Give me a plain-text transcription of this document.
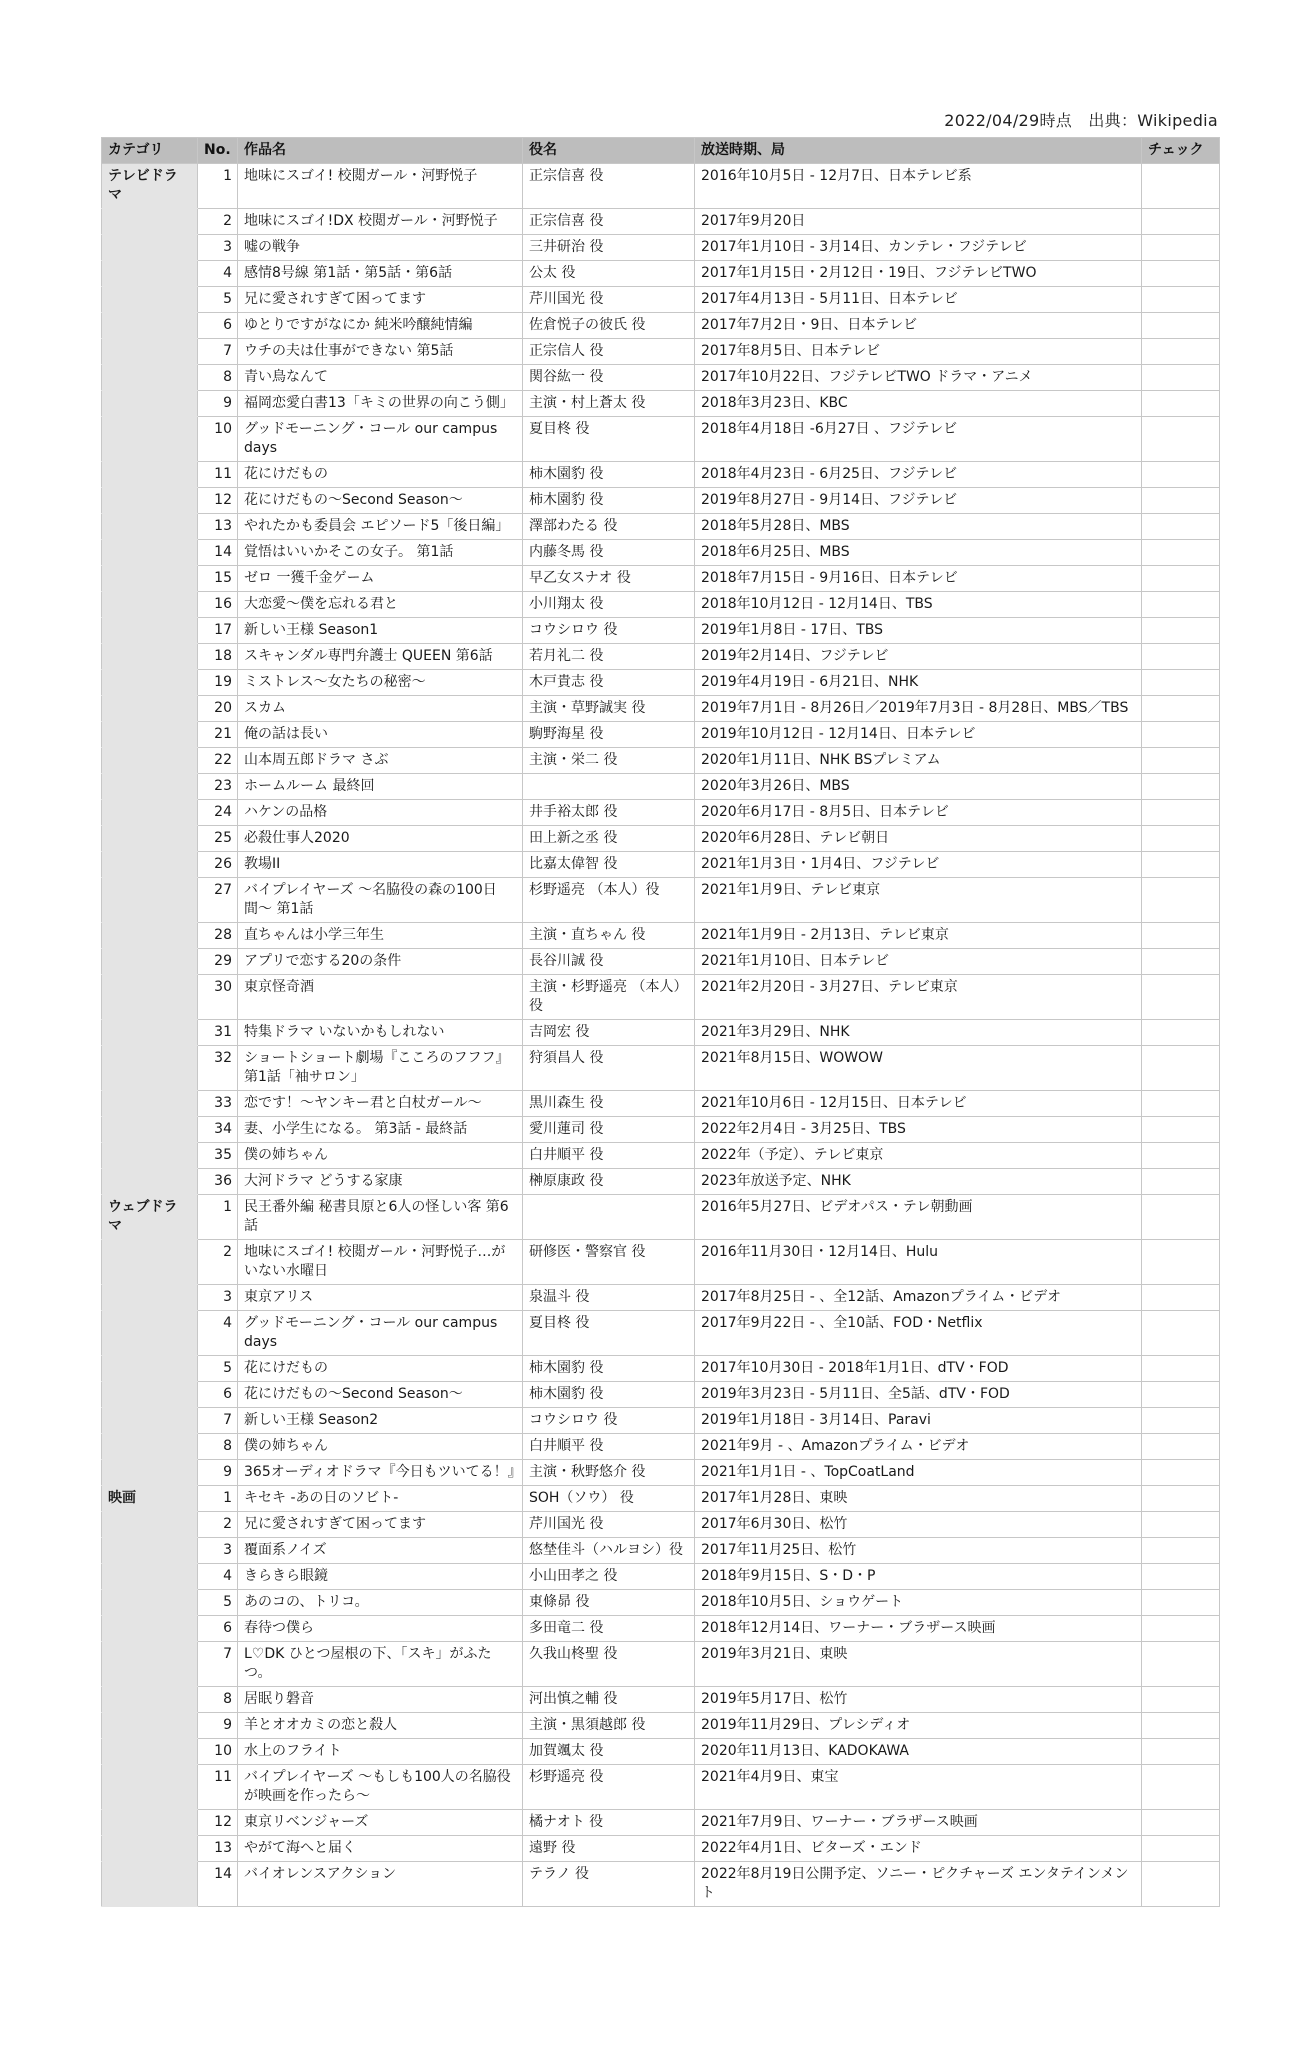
2022/04/29時点　出典：Wikipedia
カテゴリ	No.	作品名	役名	放送時期、局	チェック
テレビドラマ	1	地味にスゴイ! 校閲ガール・河野悦子	正宗信喜 役	2016年10月5日 - 12月7日、日本テレビ系	
	2	地味にスゴイ!DX 校閲ガール・河野悦子	正宗信喜 役	2017年9月20日	
	3	嘘の戦争	三井研治 役	2017年1月10日 - 3月14日、カンテレ・フジテレビ	
	4	感情8号線 第1話・第5話・第6話	公太 役	2017年1月15日・2月12日・19日、フジテレビTWO	
	5	兄に愛されすぎて困ってます	芹川国光 役	2017年4月13日 - 5月11日、日本テレビ	
	6	ゆとりですがなにか 純米吟醸純情編	佐倉悦子の彼氏 役	2017年7月2日・9日、日本テレビ	
	7	ウチの夫は仕事ができない 第5話	正宗信人 役	2017年8月5日、日本テレビ	
	8	青い鳥なんて	関谷紘一 役	2017年10月22日、フジテレビTWO ドラマ・アニメ	
	9	福岡恋愛白書13「キミの世界の向こう側」	主演・村上蒼太 役	2018年3月23日、KBC	
	10	グッドモーニング・コール our campus days	夏目柊 役	2018年4月18日 -6月27日 、フジテレビ	
	11	花にけだもの	柿木園豹 役	2018年4月23日 - 6月25日、フジテレビ	
	12	花にけだもの〜Second Season〜	柿木園豹 役	2019年8月27日 - 9月14日、フジテレビ	
	13	やれたかも委員会 エピソード5「後日編」	澤部わたる 役	2018年5月28日、MBS	
	14	覚悟はいいかそこの女子。 第1話	内藤冬馬 役	2018年6月25日、MBS	
	15	ゼロ 一獲千金ゲーム	早乙女スナオ 役	2018年7月15日 - 9月16日、日本テレビ	
	16	大恋愛〜僕を忘れる君と	小川翔太 役	2018年10月12日 - 12月14日、TBS	
	17	新しい王様 Season1	コウシロウ 役	2019年1月8日 - 17日、TBS	
	18	スキャンダル専門弁護士 QUEEN 第6話	若月礼二 役	2019年2月14日、フジテレビ	
	19	ミストレス〜女たちの秘密〜	木戸貴志 役	2019年4月19日 - 6月21日、NHK	
	20	スカム	主演・草野誠実 役	2019年7月1日 - 8月26日／2019年7月3日 - 8月28日、MBS／TBS	
	21	俺の話は長い	駒野海星 役	2019年10月12日 - 12月14日、日本テレビ	
	22	山本周五郎ドラマ さぶ	主演・栄二 役	2020年1月11日、NHK BSプレミアム	
	23	ホームルーム 最終回		2020年3月26日、MBS	
	24	ハケンの品格	井手裕太郎 役	2020年6月17日 - 8月5日、日本テレビ	
	25	必殺仕事人2020	田上新之丞 役	2020年6月28日、テレビ朝日	
	26	教場II	比嘉太偉智 役	2021年1月3日・1月4日、フジテレビ	
	27	バイプレイヤーズ 〜名脇役の森の100日間〜 第1話	杉野遥亮 （本人）役	2021年1月9日、テレビ東京	
	28	直ちゃんは小学三年生	主演・直ちゃん 役	2021年1月9日 - 2月13日、テレビ東京	
	29	アプリで恋する20の条件	長谷川誠 役	2021年1月10日、日本テレビ	
	30	東京怪奇酒	主演・杉野遥亮 （本人）役	2021年2月20日 - 3月27日、テレビ東京	
	31	特集ドラマ いないかもしれない	吉岡宏 役	2021年3月29日、NHK	
	32	ショートショート劇場『こころのフフフ』第1話「袖サロン」	狩須昌人 役	2021年8月15日、WOWOW	
	33	恋です！〜ヤンキー君と白杖ガール〜	黒川森生 役	2021年10月6日 - 12月15日、日本テレビ	
	34	妻、小学生になる。 第3話 - 最終話	愛川蓮司 役	2022年2月4日 - 3月25日、TBS	
	35	僕の姉ちゃん	白井順平 役	2022年（予定）、テレビ東京	
	36	大河ドラマ どうする家康	榊原康政 役	2023年放送予定、NHK	
ウェブドラマ	1	民王番外編 秘書貝原と6人の怪しい客 第6話		2016年5月27日、ビデオパス・テレ朝動画	
	2	地味にスゴイ! 校閲ガール・河野悦子…がいない水曜日	研修医・警察官 役	2016年11月30日・12月14日、Hulu	
	3	東京アリス	泉温斗 役	2017年8月25日 - 、全12話、Amazonプライム・ビデオ	
	4	グッドモーニング・コール our campus days	夏目柊 役	2017年9月22日 - 、全10話、FOD・Netflix	
	5	花にけだもの	柿木園豹 役	2017年10月30日 - 2018年1月1日、dTV・FOD	
	6	花にけだもの〜Second Season〜	柿木園豹 役	2019年3月23日 - 5月11日、全5話、dTV・FOD	
	7	新しい王様 Season2	コウシロウ 役	2019年1月18日 - 3月14日、Paravi	
	8	僕の姉ちゃん	白井順平 役	2021年9月 - 、Amazonプライム・ビデオ	
	9	365オーディオドラマ『今日もツいてる！』	主演・秋野悠介 役	2021年1月1日 - 、TopCoatLand	
映画	1	キセキ -あの日のソビト-	SOH（ソウ） 役	2017年1月28日、東映	
	2	兄に愛されすぎて困ってます	芹川国光 役	2017年6月30日、松竹	
	3	覆面系ノイズ	悠埜佳斗（ハルヨシ）役	2017年11月25日、松竹	
	4	きらきら眼鏡	小山田孝之 役	2018年9月15日、S・D・P	
	5	あのコの、トリコ。	東條昴 役	2018年10月5日、ショウゲート	
	6	春待つ僕ら	多田竜二 役	2018年12月14日、ワーナー・ブラザース映画	
	7	L♡DK ひとつ屋根の下、「スキ」がふたつ。	久我山柊聖 役	2019年3月21日、東映	
	8	居眠り磐音	河出慎之輔 役	2019年5月17日、松竹	
	9	羊とオオカミの恋と殺人	主演・黒須越郎 役	2019年11月29日、プレシディオ	
	10	水上のフライト	加賀颯太 役	2020年11月13日、KADOKAWA	
	11	バイプレイヤーズ 〜もしも100人の名脇役が映画を作ったら〜	杉野遥亮 役	2021年4月9日、東宝	
	12	東京リベンジャーズ	橘ナオト 役	2021年7月9日、ワーナー・ブラザース映画	
	13	やがて海へと届く	遠野 役	2022年4月1日、ビターズ・エンド	
	14	バイオレンスアクション	テラノ 役	2022年8月19日公開予定、ソニー・ピクチャーズ エンタテインメント	
